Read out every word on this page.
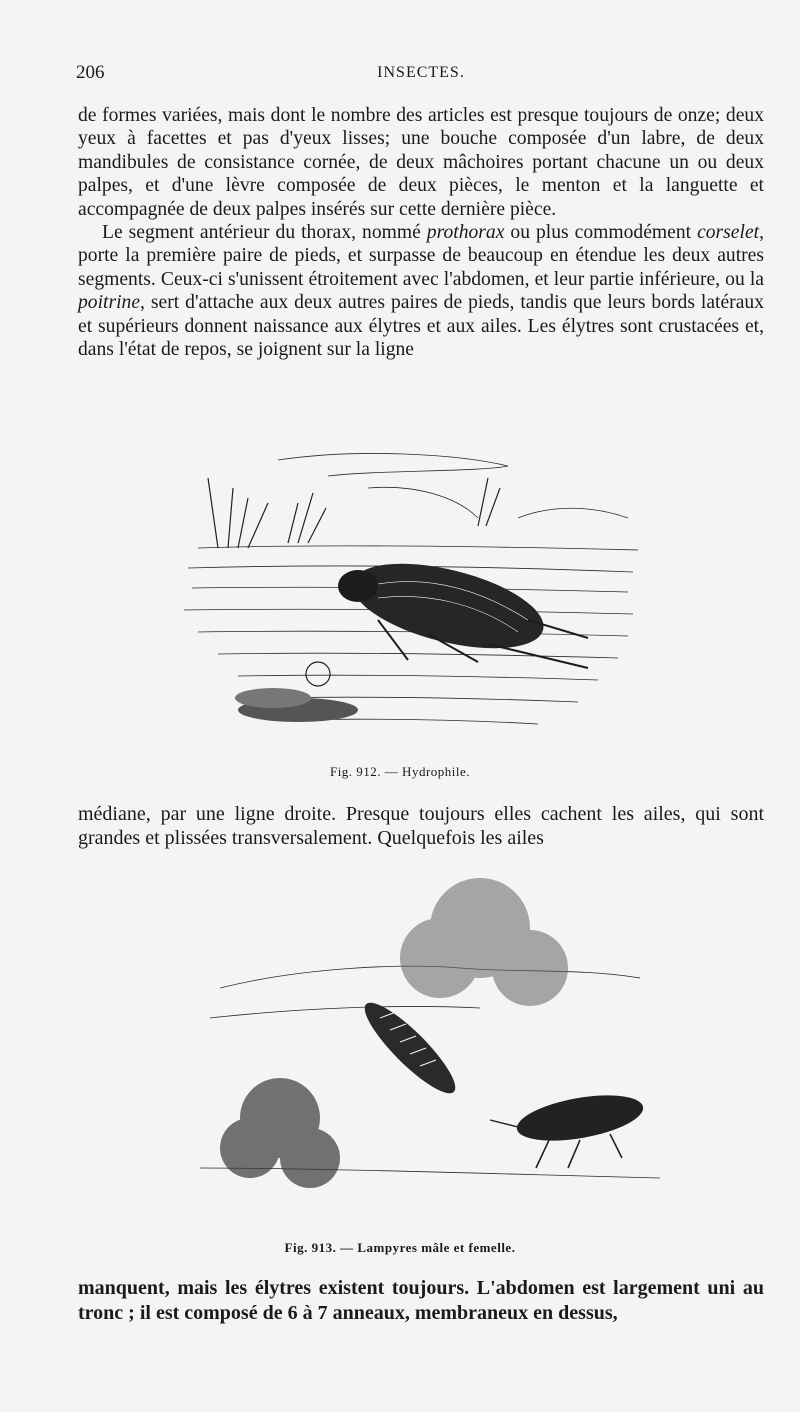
206	INSECTES.

de formes variées, mais dont le nombre des articles est presque toujours de onze; deux yeux à facettes et pas d'yeux lisses; une bouche composée d'un labre, de deux mandibules de consistance cornée, de deux mâchoires portant chacune un ou deux palpes, et d'une lèvre composée de deux pièces, le menton et la languette et accompagnée de deux palpes insérés sur cette dernière pièce.

Le segment antérieur du thorax, nommé prothorax ou plus commodément corselet, porte la première paire de pieds, et surpasse de beaucoup en étendue les deux autres segments. Ceux-ci s'unissent étroitement avec l'abdomen, et leur partie inférieure, ou la poitrine, sert d'attache aux deux autres paires de pieds, tandis que leurs bords latéraux et supérieurs donnent naissance aux élytres et aux ailes. Les élytres sont crustacées et, dans l'état de repos, se joignent sur la ligne

Fig. 912. — Hydrophile.

médiane, par une ligne droite. Presque toujours elles cachent les ailes, qui sont grandes et plissées transversalement. Quelquefois les ailes

Fig. 913. — Lampyres mâle et femelle.

manquent, mais les élytres existent toujours. L'abdomen est largement uni au tronc ; il est composé de 6 à 7 anneaux, membraneux en dessus,
